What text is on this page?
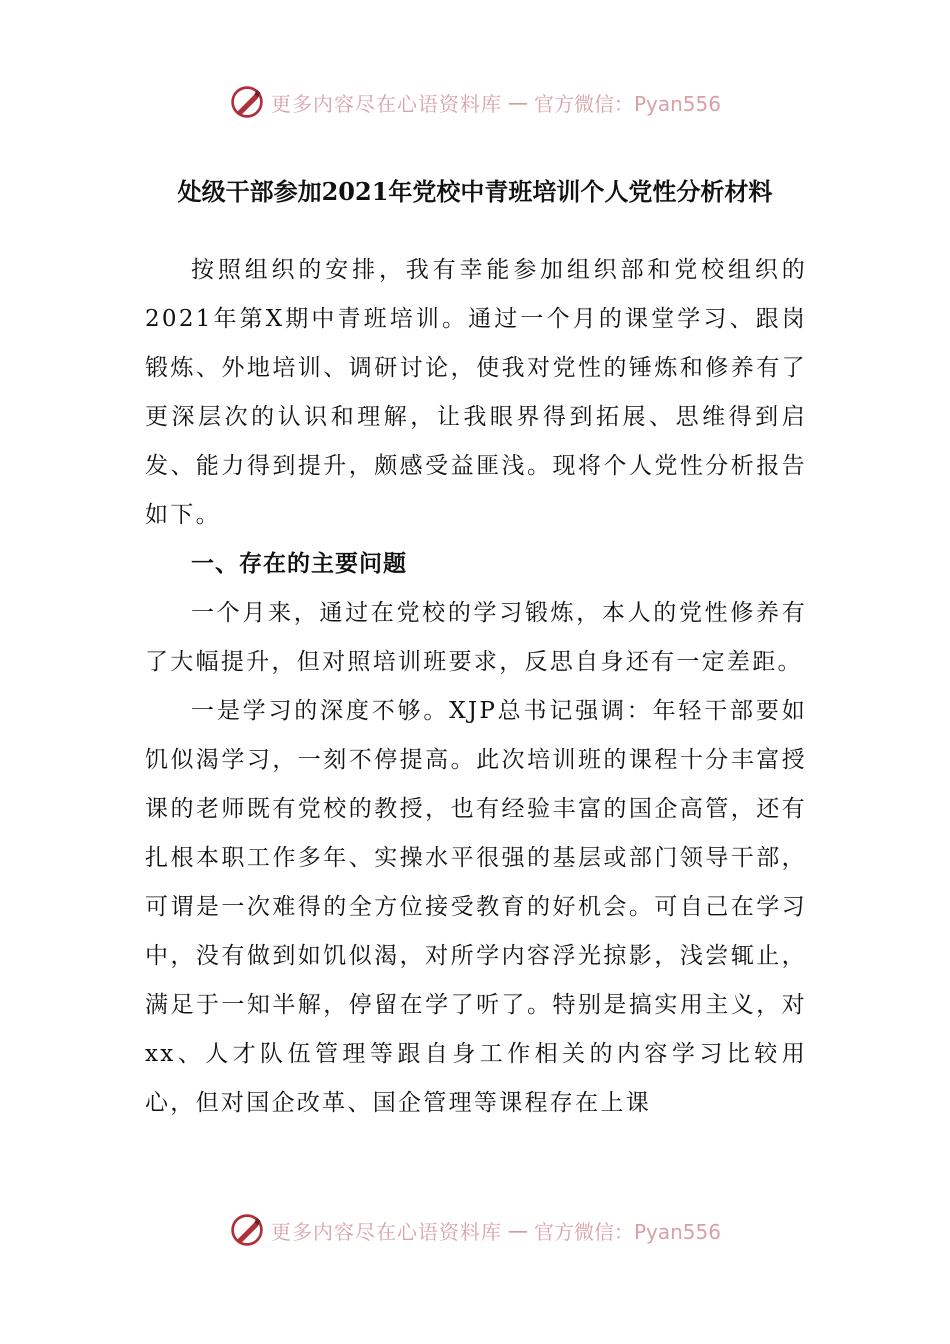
更多内容尽在心语资料库 — 官方微信：Pyan556
处级干部参加2021年党校中青班培训个人党性分析材料

按照组织的安排，我有幸能参加组织部和党校组织的2021年第X期中青班培训。通过一个月的课堂学习、跟岗锻炼、外地培训、调研讨论，使我对党性的锤炼和修养有了更深层次的认识和理解，让我眼界得到拓展、思维得到启发、能力得到提升，颇感受益匪浅。现将个人党性分析报告如下。

一、存在的主要问题

一个月来，通过在党校的学习锻炼，本人的党性修养有了大幅提升，但对照培训班要求，反思自身还有一定差距。

一是学习的深度不够。XJP总书记强调：年轻干部要如饥似渴学习，一刻不停提高。此次培训班的课程十分丰富授课的老师既有党校的教授，也有经验丰富的国企高管，还有扎根本职工作多年、实操水平很强的基层或部门领导干部，可谓是一次难得的全方位接受教育的好机会。可自己在学习中，没有做到如饥似渴，对所学内容浮光掠影，浅尝辄止，满足于一知半解，停留在学了听了。特别是搞实用主义，对xx、人才队伍管理等跟自身工作相关的内容学习比较用心，但对国企改革、国企管理等课程存在上课

更多内容尽在心语资料库 — 官方微信：Pyan556
